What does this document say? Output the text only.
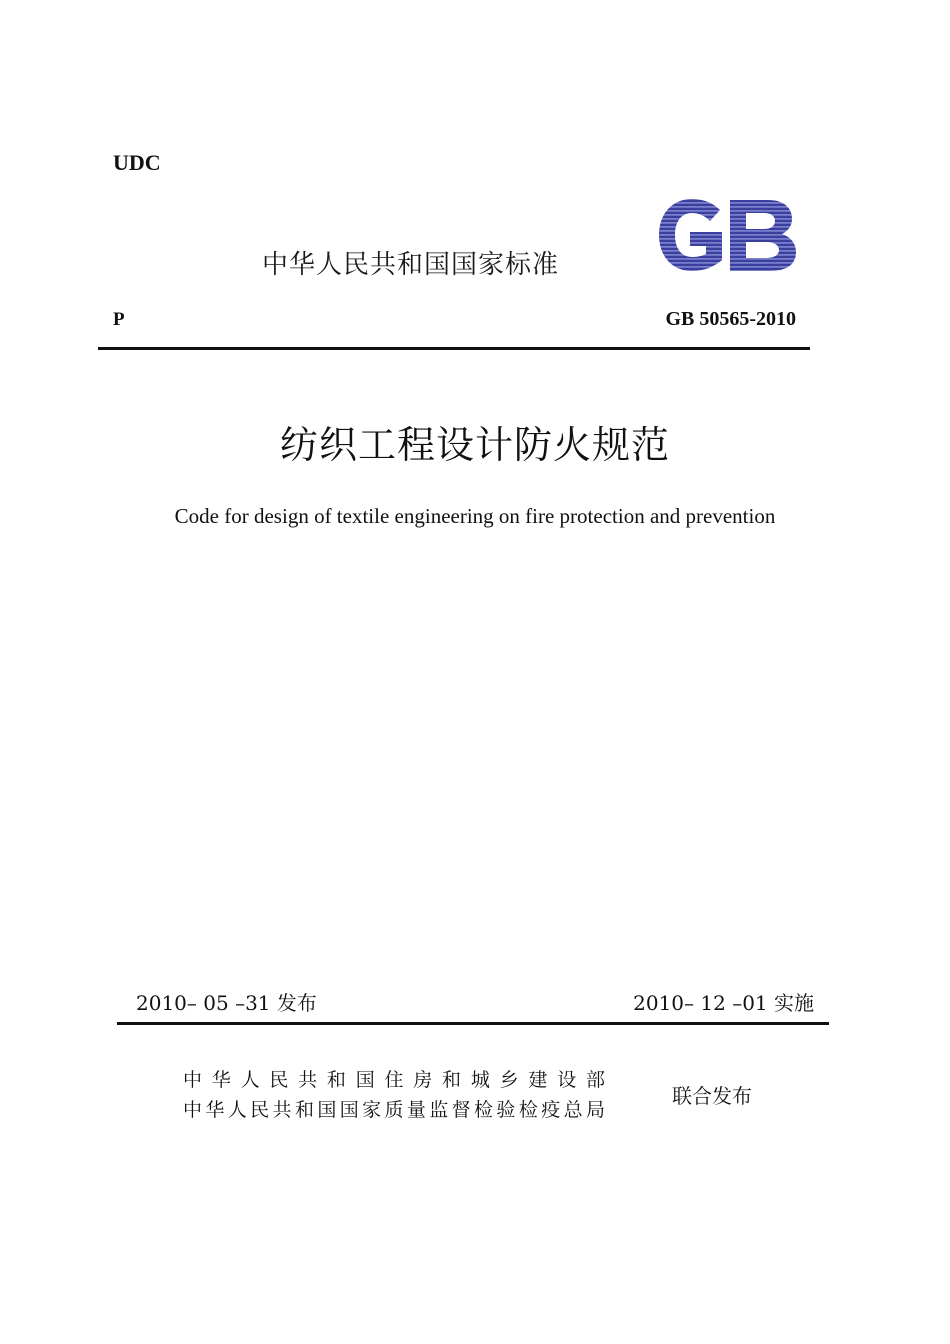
UDC
中华人民共和国国家标准
P	GB 50565-2010
纺织工程设计防火规范
Code for design of textile engineering on fire protection and prevention
2010– 05 –31 发布	2010– 12 –01 实施
中华人民共和国住房和城乡建设部
中华人民共和国国家质量监督检验检疫总局
联合发布
